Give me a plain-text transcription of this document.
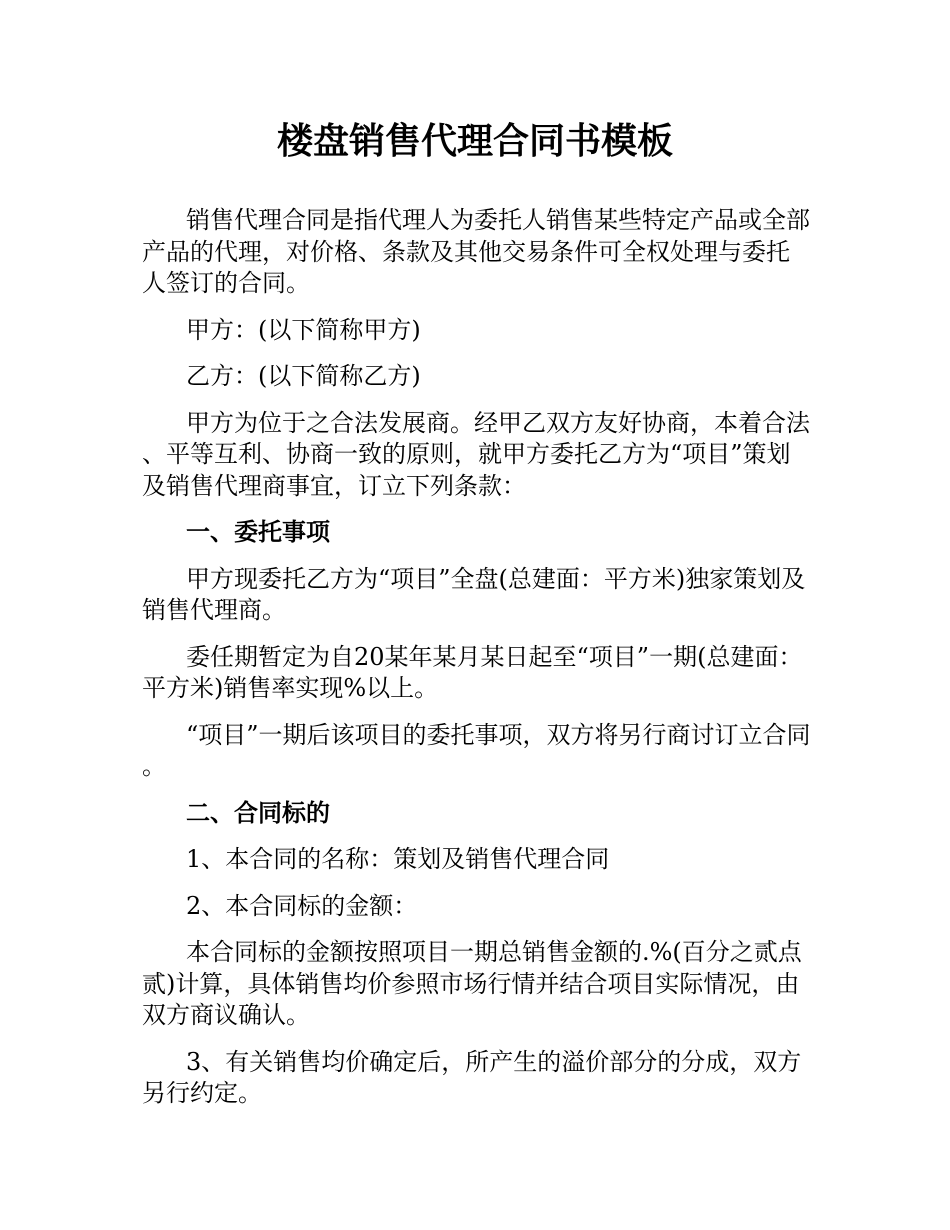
楼盘销售代理合同书模板

销售代理合同是指代理人为委托人销售某些特定产品或全部产品的代理，对价格、条款及其他交易条件可全权处理与委托人签订的合同。

甲方：(以下简称甲方)

乙方：(以下简称乙方)

甲方为位于之合法发展商。经甲乙双方友好协商，本着合法、平等互利、协商一致的原则，就甲方委托乙方为“项目”策划及销售代理商事宜，订立下列条款：

一、委托事项

甲方现委托乙方为“项目”全盘(总建面：平方米)独家策划及销售代理商。

委任期暂定为自20某年某月某日起至“项目”一期(总建面：平方米)销售率实现%以上。

“项目”一期后该项目的委托事项，双方将另行商讨订立合同。

二、合同标的

1、本合同的名称：策划及销售代理合同

2、本合同标的金额：

本合同标的金额按照项目一期总销售金额的.%(百分之贰点贰)计算，具体销售均价参照市场行情并结合项目实际情况，由双方商议确认。

3、有关销售均价确定后，所产生的溢价部分的分成，双方另行约定。
